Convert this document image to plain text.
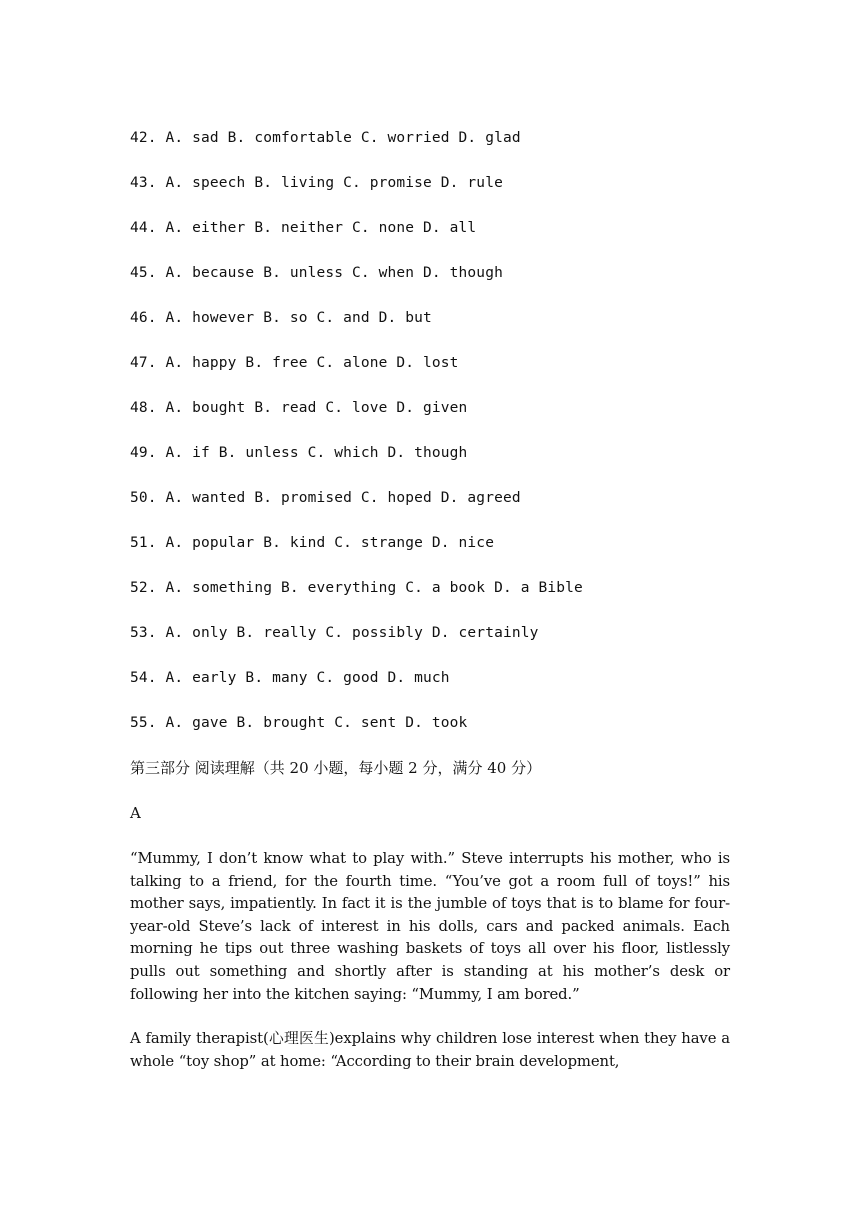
42. A. sad B. comfortable C. worried D. glad
43. A. speech B. living C. promise D. rule
44. A. either B. neither C. none D. all
45. A. because B. unless C. when D. though
46. A. however B. so C. and D. but
47. A. happy B. free C. alone D. lost
48. A. bought B. read C. love D. given
49. A. if B. unless C. which D. though
50. A. wanted B. promised C. hoped D. agreed
51. A. popular B. kind C. strange D. nice
52. A. something B. everything C. a book D. a Bible
53. A. only B. really C. possibly D. certainly
54. A. early B. many C. good D. much
55. A. gave B. brought C. sent D. took
第三部分 阅读理解（共 20 小题，每小题 2 分，满分 40 分）

A

“Mummy, I don’t know what to play with.” Steve interrupts his mother, who is talking to a friend, for the fourth time. “You’ve got a room full of toys!” his mother says, impatiently. In fact it is the jumble of toys that is to blame for four-year-old Steve’s lack of interest in his dolls, cars and packed animals. Each morning he tips out three washing baskets of toys all over his floor, listlessly pulls out something and shortly after is standing at his mother’s desk or following her into the kitchen saying: “Mummy, I am bored.”

A family therapist(心理医生)explains why children lose interest when they have a whole “toy shop” at home: “According to their brain development,
